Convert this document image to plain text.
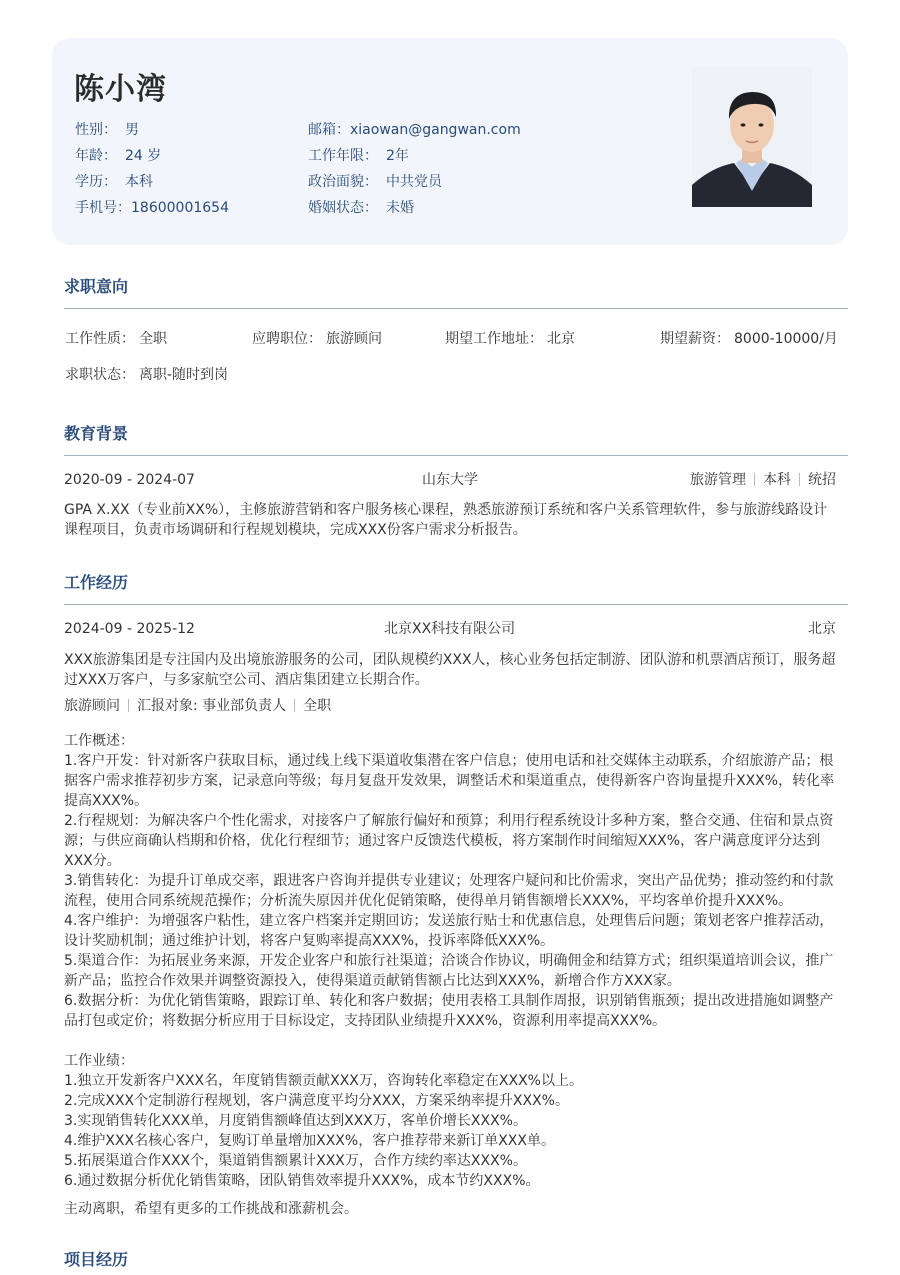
陈小湾
性别： 男
年龄： 24 岁
学历： 本科
手机号：18600001654
邮箱：xiaowan@gangwan.com
工作年限： 2年
政治面貌： 中共党员
婚姻状态： 未婚
求职意向
工作性质： 全职	应聘职位： 旅游顾问	期望工作地址： 北京	期望薪资： 8000-10000/月
求职状态： 离职-随时到岗
教育背景
2020-09 - 2024-07	山东大学	旅游管理 本科 统招
GPA X.XX（专业前XX%），主修旅游营销和客户服务核心课程，熟悉旅游预订系统和客户关系管理软件，参与旅游线路设计课程项目，负责市场调研和行程规划模块，完成XXX份客户需求分析报告。
工作经历
2024-09 - 2025-12	北京XX科技有限公司	北京
XXX旅游集团是专注国内及出境旅游服务的公司，团队规模约XXX人，核心业务包括定制游、团队游和机票酒店预订，服务超过XXX万客户，与多家航空公司、酒店集团建立长期合作。
旅游顾问 汇报对象: 事业部负责人 全职
工作概述：
1.客户开发：针对新客户获取目标，通过线上线下渠道收集潜在客户信息；使用电话和社交媒体主动联系，介绍旅游产品；根据客户需求推荐初步方案，记录意向等级；每月复盘开发效果，调整话术和渠道重点，使得新客户咨询量提升XXX%，转化率提高XXX%。
2.行程规划：为解决客户个性化需求，对接客户了解旅行偏好和预算；利用行程系统设计多种方案，整合交通、住宿和景点资源；与供应商确认档期和价格，优化行程细节；通过客户反馈迭代模板，将方案制作时间缩短XXX%，客户满意度评分达到XXX分。
3.销售转化：为提升订单成交率，跟进客户咨询并提供专业建议；处理客户疑问和比价需求，突出产品优势；推动签约和付款流程，使用合同系统规范操作；分析流失原因并优化促销策略，使得单月销售额增长XXX%，平均客单价提升XXX%。
4.客户维护：为增强客户粘性，建立客户档案并定期回访；发送旅行贴士和优惠信息，处理售后问题；策划老客户推荐活动，设计奖励机制；通过维护计划，将客户复购率提高XXX%，投诉率降低XXX%。
5.渠道合作：为拓展业务来源，开发企业客户和旅行社渠道；洽谈合作协议，明确佣金和结算方式；组织渠道培训会议，推广新产品；监控合作效果并调整资源投入，使得渠道贡献销售额占比达到XXX%，新增合作方XXX家。
6.数据分析：为优化销售策略，跟踪订单、转化和客户数据；使用表格工具制作周报，识别销售瓶颈；提出改进措施如调整产品打包或定价；将数据分析应用于目标设定，支持团队业绩提升XXX%，资源利用率提高XXX%。
工作业绩：
1.独立开发新客户XXX名，年度销售额贡献XXX万，咨询转化率稳定在XXX%以上。
2.完成XXX个定制游行程规划，客户满意度平均分XXX，方案采纳率提升XXX%。
3.实现销售转化XXX单，月度销售额峰值达到XXX万，客单价增长XXX%。
4.维护XXX名核心客户，复购订单量增加XXX%，客户推荐带来新订单XXX单。
5.拓展渠道合作XXX个，渠道销售额累计XXX万，合作方续约率达XXX%。
6.通过数据分析优化销售策略，团队销售效率提升XXX%，成本节约XXX%。
主动离职，希望有更多的工作挑战和涨薪机会。
项目经历
